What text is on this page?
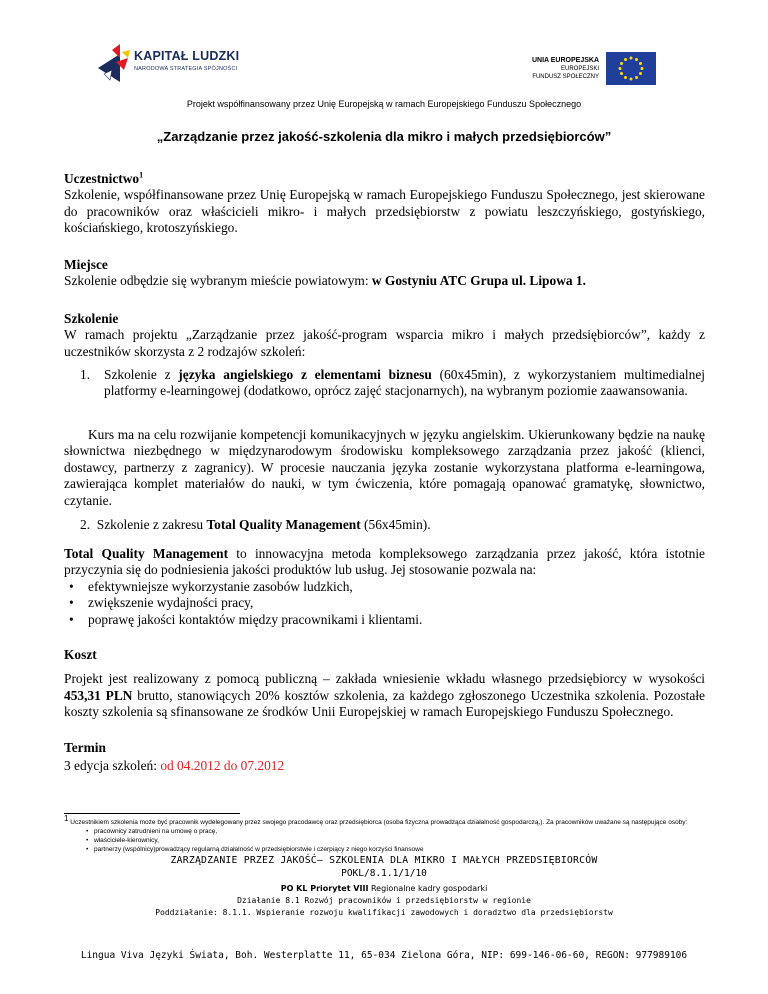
KAPITAŁ LUDZKI
NARODOWA STRATEGIA SPÓJNOŚCI
UNIA EUROPEJSKA
EUROPEJSKI
FUNDUSZ SPOŁECZNY
Projekt współfinansowany przez Unię Europejską w ramach Europejskiego Funduszu Społecznego
„Zarządzanie przez jakość-szkolenia dla mikro i małych przedsiębiorców”
Uczestnictwo$^1$
Szkolenie, współfinansowane przez Unię Europejską w ramach Europejskiego Funduszu Społecznego, jest skierowane do pracowników oraz właścicieli mikro- i małych przedsiębiorstw z powiatu leszczyńskiego, gostyńskiego, kościańskiego, krotoszyńskiego.
Miejsce
Szkolenie odbędzie się wybranym mieście powiatowym: w Gostyniu ATC Grupa ul. Lipowa 1.
Szkolenie
W ramach projektu „Zarządzanie przez jakość-program wsparcia mikro i małych przedsiębiorców”, każdy z uczestników skorzysta z 2 rodzajów szkoleń:
1. Szkolenie z języka angielskiego z elementami biznesu (60x45min), z wykorzystaniem multimedialnej platformy e-learningowej (dodatkowo, oprócz zajęć stacjonarnych), na wybranym poziomie zaawansowania.
Kurs ma na celu rozwijanie kompetencji komunikacyjnych w języku angielskim. Ukierunkowany będzie na naukę słownictwa niezbędnego w międzynarodowym środowisku kompleksowego zarządzania przez jakość (klienci, dostawcy, partnerzy z zagranicy). W procesie nauczania języka zostanie wykorzystana platforma e-learningowa, zawierająca komplet materiałów do nauki, w tym ćwiczenia, które pomagają opanować gramatykę, słownictwo, czytanie.
2. Szkolenie z zakresu Total Quality Management (56x45min).
Total Quality Management to innowacyjna metoda kompleksowego zarządzania przez jakość, która istotnie przyczynia się do podniesienia jakości produktów lub usług. Jej stosowanie pozwala na:
• efektywniejsze wykorzystanie zasobów ludzkich,
• zwiększenie wydajności pracy,
• poprawę jakości kontaktów między pracownikami i klientami.
Koszt
Projekt jest realizowany z pomocą publiczną – zakłada wniesienie wkładu własnego przedsiębiorcy w wysokości 453,31 PLN brutto, stanowiących 20% kosztów szkolenia, za każdego zgłoszonego Uczestnika szkolenia. Pozostałe koszty szkolenia są sfinansowane ze środków Unii Europejskiej w ramach Europejskiego Funduszu Społecznego.
Termin
3 edycja szkoleń: od 04.2012 do 07.2012
$^1$ Uczestnikiem szkolenia może być pracownik wydelegowany przez swojego pracodawcę oraz przedsiębiorca (osoba fizyczna prowadząca działalność gospodarczą,). Za pracowników uważane są następujące osoby:
• pracownicy zatrudnieni na umowę o pracę,
• właściciele-kierownicy,
• partnerzy (wspólnicy)prowadzący regularną działalność w przedsiębiorstwie i czerpiący z niego korzyści finansowe
ZARZĄDZANIE PRZEZ JAKOŚĆ– SZKOLENIA DLA MIKRO I MAŁYCH PRZEDSIĘBIORCÓW
POKL/8.1.1/1/10
PO KL Priorytet VIII Regionalne kadry gospodarki
Działanie 8.1 Rozwój pracowników i przedsiębiorstw w regionie
Poddziałanie: 8.1.1. Wspieranie rozwoju kwalifikacji zawodowych i doradztwo dla przedsiębiorstw
Lingua Viva Języki Świata, Boh. Westerplatte 11, 65-034 Zielona Góra, NIP: 699-146-06-60, REGON: 977989106
